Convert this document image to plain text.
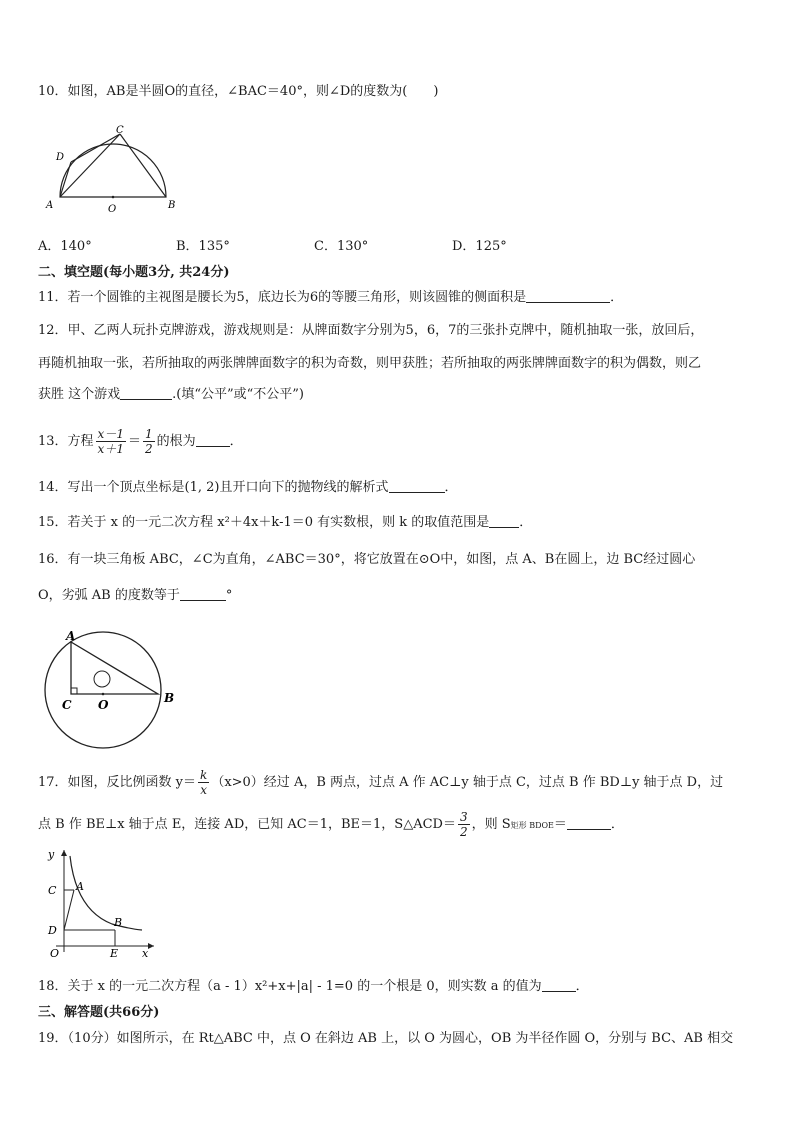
10．如图，AB是半圆O的直径，∠BAC＝40°，则∠D的度数为(　　)
C
D
A	O	B
A．140°	B．135°	C．130°	D．125°
二、填空题(每小题3分, 共24分)
11．若一个圆锥的主视图是腰长为5，底边长为6的等腰三角形，则该圆锥的侧面积是	．
12．甲、乙两人玩扑克牌游戏，游戏规则是：从牌面数字分别为5，6，7的三张扑克牌中，随机抽取一张，放回后，
再随机抽取一张，若所抽取的两张牌牌面数字的积为奇数，则甲获胜；若所抽取的两张牌牌面数字的积为偶数，则乙
获胜 这个游戏	.(填“公平”或“不公平”)
13．方程 $\frac{x-1}{x+1} = \frac{1}{2}$ 的根为	．
14．写出一个顶点坐标是(1, 2)且开口向下的抛物线的解析式	．
15．若关于 x 的一元二次方程 x²＋4x＋k-1＝0 有实数根，则 k 的取值范围是 ．
16．有一块三角板 ABC，∠C为直角，∠ABC＝30°，将它放置在⊙O中，如图，点 A、B在圆上，边 BC经过圆心
O，劣弧 AB 的度数等于	°
A
C O	B
17．如图，反比例函数 $y= \frac{k}{x} (x>0)$经过 A，B 两点，过点 A 作 AC⊥y 轴于点 C，过点 B 作 BD⊥y 轴于点 D，过
点 B 作 BE⊥x 轴于点 E，连接 AD，已知 AC＝1，BE＝1，S△ACD＝ $\frac{3}{2}$ ，则 S矩形 BDOE＝	．
y
x
C A
B
D
O	E
18．关于 x 的一元二次方程（a - 1）x²+x+|a| - 1=0 的一个根是 0，则实数 a 的值为	．
三、解答题(共66分)
19．（10分）如图所示，在 Rt△ABC 中，点 O 在斜边 AB 上，以 O 为圆心，OB 为半径作圆 O，分别与 BC、AB 相交
